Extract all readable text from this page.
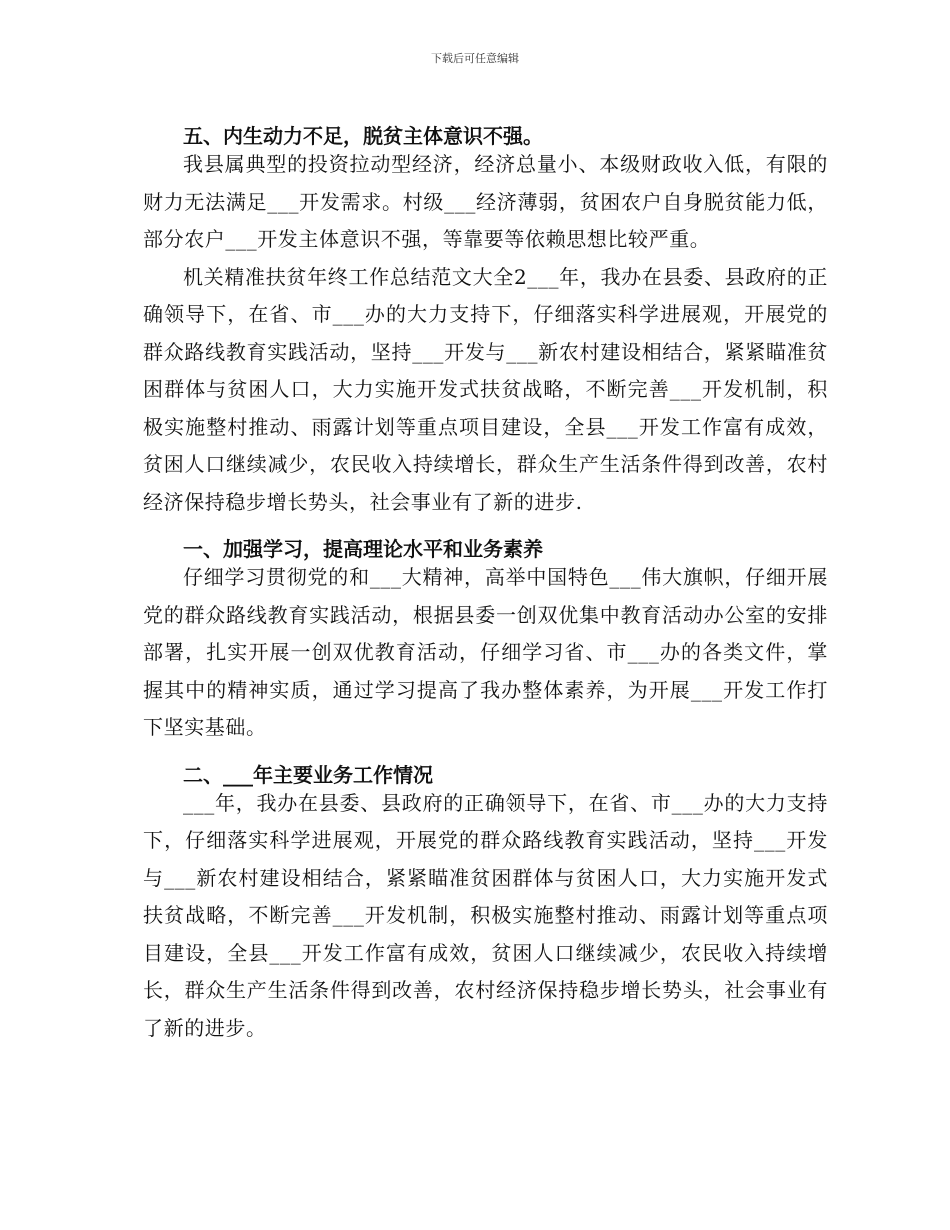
下载后可任意编辑
五、内生动力不足，脱贫主体意识不强。

我县属典型的投资拉动型经济，经济总量小、本级财政收入低，有限的财力无法满足___开发需求。村级___经济薄弱，贫困农户自身脱贫能力低，部分农户___开发主体意识不强，等靠要等依赖思想比较严重。

机关精准扶贫年终工作总结范文大全2___年，我办在县委、县政府的正确领导下，在省、市___办的大力支持下，仔细落实科学进展观，开展党的群众路线教育实践活动，坚持___开发与___新农村建设相结合，紧紧瞄准贫困群体与贫困人口，大力实施开发式扶贫战略，不断完善___开发机制，积极实施整村推动、雨露计划等重点项目建设，全县___开发工作富有成效，贫困人口继续减少，农民收入持续增长，群众生产生活条件得到改善，农村经济保持稳步增长势头，社会事业有了新的进步.

一、加强学习，提高理论水平和业务素养

仔细学习贯彻党的和___大精神，高举中国特色___伟大旗帜，仔细开展党的群众路线教育实践活动，根据县委一创双优集中教育活动办公室的安排部署，扎实开展一创双优教育活动，仔细学习省、市___办的各类文件，掌握其中的精神实质，通过学习提高了我办整体素养，为开展___开发工作打下坚实基础。

二、___年主要业务工作情况

___年，我办在县委、县政府的正确领导下，在省、市___办的大力支持下，仔细落实科学进展观，开展党的群众路线教育实践活动，坚持___开发与___新农村建设相结合，紧紧瞄准贫困群体与贫困人口，大力实施开发式扶贫战略，不断完善___开发机制，积极实施整村推动、雨露计划等重点项目建设，全县___开发工作富有成效，贫困人口继续减少，农民收入持续增长，群众生产生活条件得到改善，农村经济保持稳步增长势头，社会事业有了新的进步。
